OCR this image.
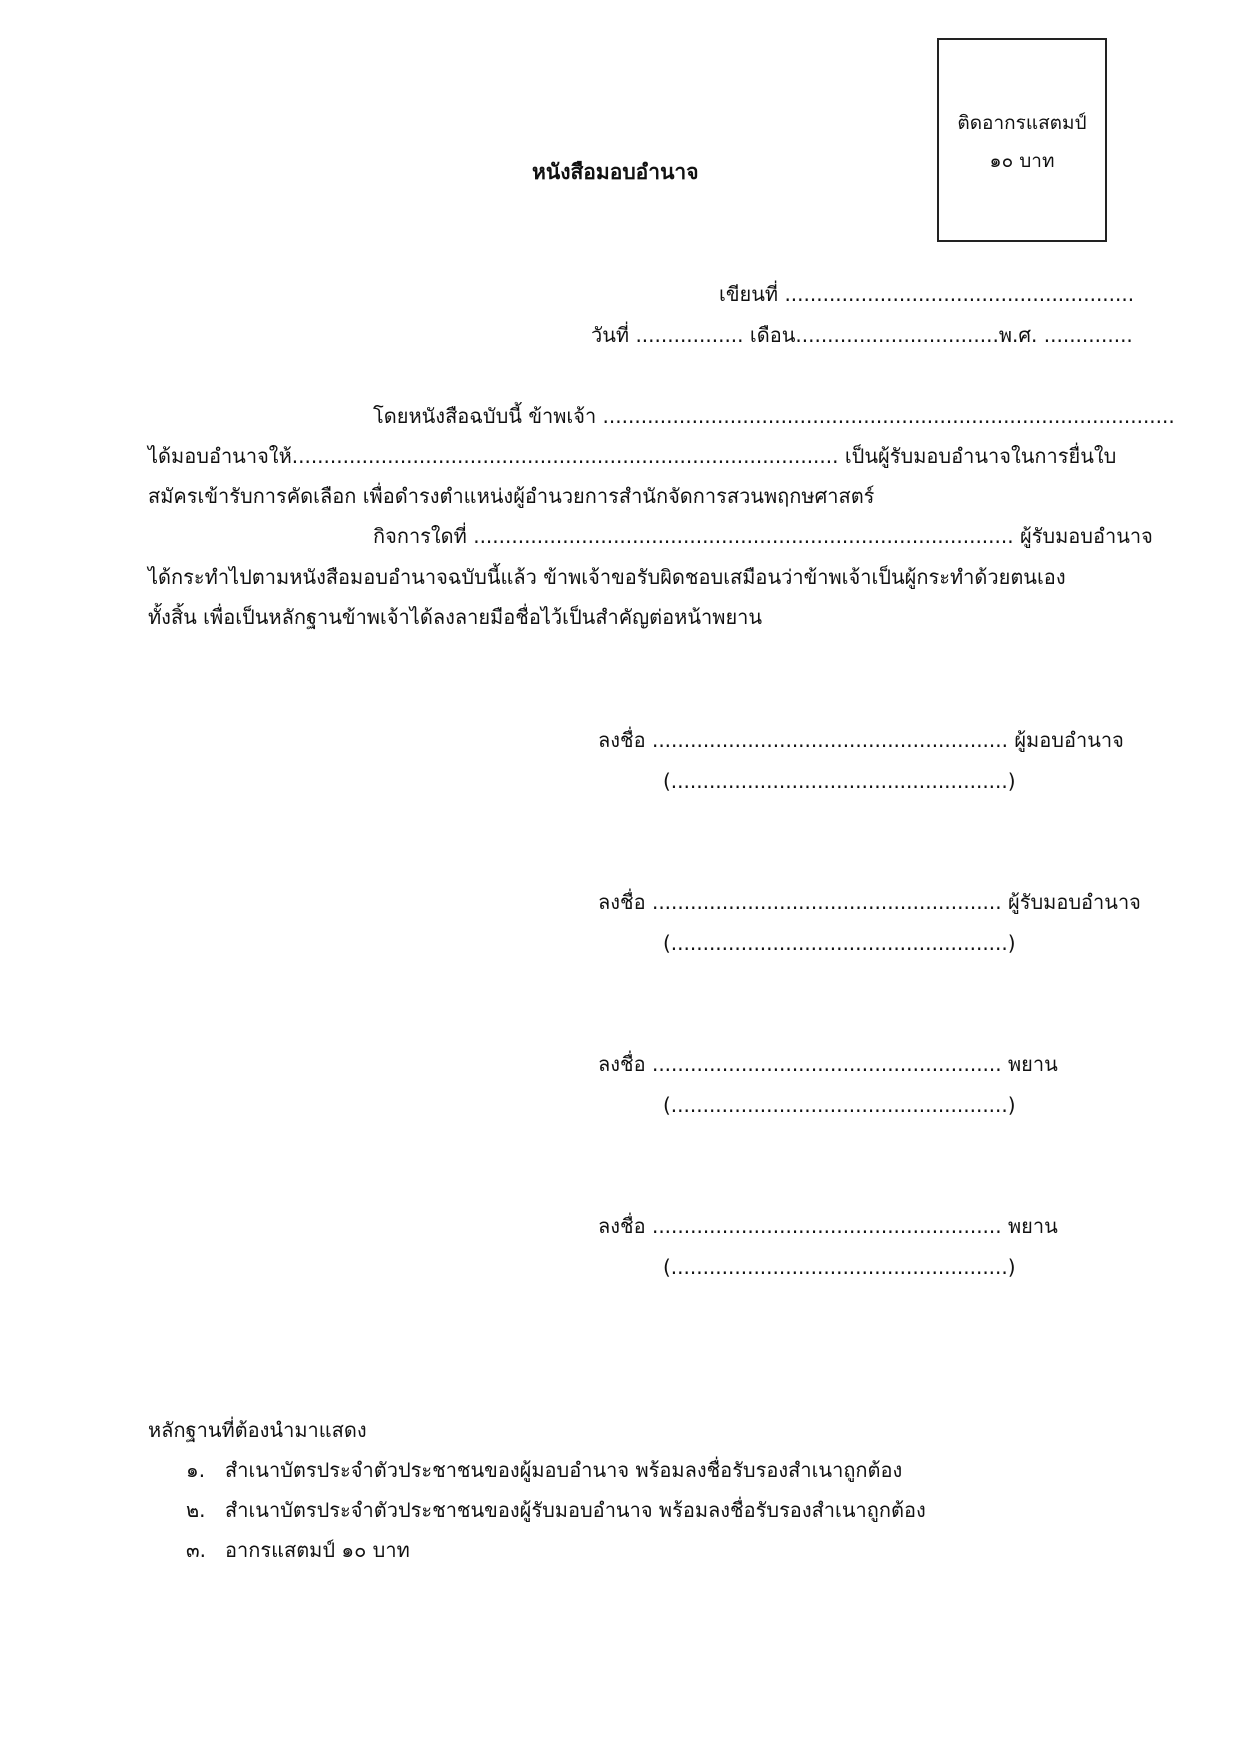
ติดอากรแสตมป์
๑๐ บาท
หนังสือมอบอำนาจ
เขียนที่ .......................................................
วันที่ ................. เดือน................................พ.ศ. ..............
โดยหนังสือฉบับนี้ ข้าพเจ้า ..........................................................................................
ได้มอบอำนาจให้...................................................................................... เป็นผู้รับมอบอำนาจในการยื่นใบ
สมัครเข้ารับการคัดเลือก เพื่อดำรงตำแหน่งผู้อำนวยการสำนักจัดการสวนพฤกษศาสตร์
กิจการใดที่ ..................................................................................... ผู้รับมอบอำนาจ
ได้กระทำไปตามหนังสือมอบอำนาจฉบับนี้แล้ว ข้าพเจ้าขอรับผิดชอบเสมือนว่าข้าพเจ้าเป็นผู้กระทำด้วยตนเอง
ทั้งสิ้น เพื่อเป็นหลักฐานข้าพเจ้าได้ลงลายมือชื่อไว้เป็นสำคัญต่อหน้าพยาน
ลงชื่อ ........................................................ ผู้มอบอำนาจ
(.....................................................)
ลงชื่อ ....................................................... ผู้รับมอบอำนาจ
(.....................................................)
ลงชื่อ ....................................................... พยาน
(.....................................................)
ลงชื่อ ....................................................... พยาน
(.....................................................)
หลักฐานที่ต้องนำมาแสดง
๑. สำเนาบัตรประจำตัวประชาชนของผู้มอบอำนาจ พร้อมลงชื่อรับรองสำเนาถูกต้อง
๒. สำเนาบัตรประจำตัวประชาชนของผู้รับมอบอำนาจ พร้อมลงชื่อรับรองสำเนาถูกต้อง
๓. อากรแสตมป์ ๑๐ บาท
